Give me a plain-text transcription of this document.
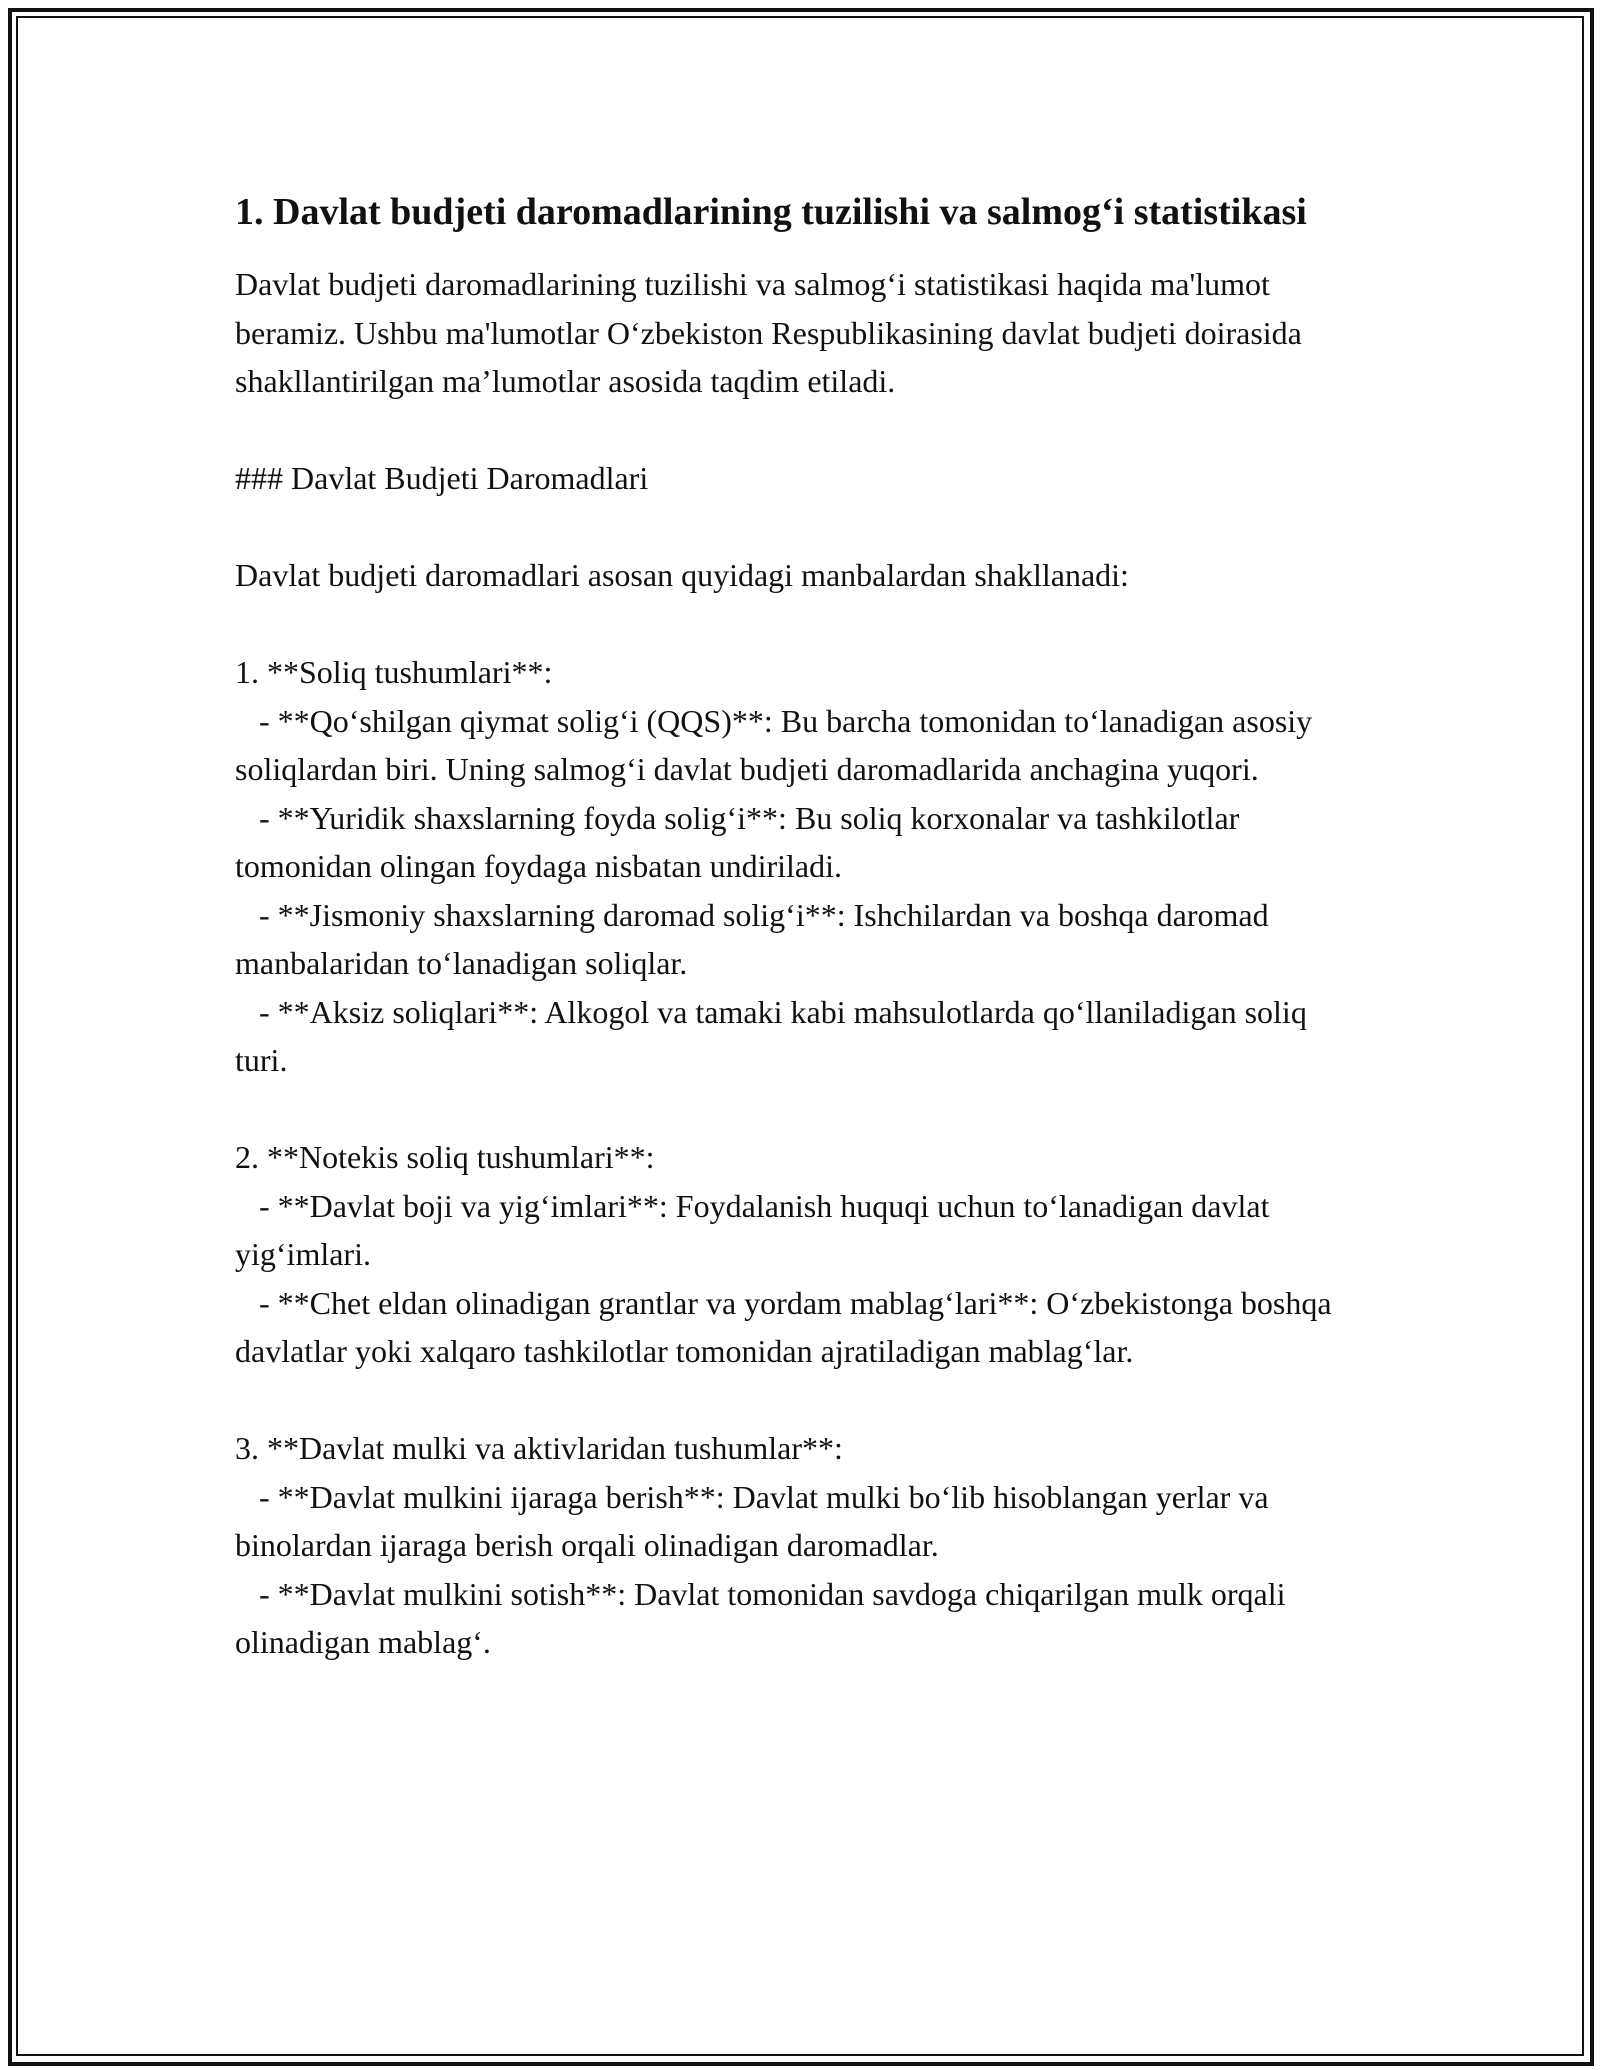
1. Davlat budjeti daromadlarining tuzilishi va salmog‘i statistikasi

Davlat budjeti daromadlarining tuzilishi va salmog‘i statistikasi haqida ma'lumot beramiz. Ushbu ma'lumotlar O‘zbekiston Respublikasining davlat budjeti doirasida shakllantirilgan ma’lumotlar asosida taqdim etiladi.

### Davlat Budjeti Daromadlari

Davlat budjeti daromadlari asosan quyidagi manbalardan shakllanadi:

1. **Soliq tushumlari**:
- **Qo‘shilgan qiymat solig‘i (QQS)**: Bu barcha tomonidan to‘lanadigan asosiy soliqlardan biri. Uning salmog‘i davlat budjeti daromadlarida anchagina yuqori.
- **Yuridik shaxslarning foyda solig‘i**: Bu soliq korxonalar va tashkilotlar tomonidan olingan foydaga nisbatan undiriladi.
- **Jismoniy shaxslarning daromad solig‘i**: Ishchilardan va boshqa daromad manbalaridan to‘lanadigan soliqlar.
- **Aksiz soliqlari**: Alkogol va tamaki kabi mahsulotlarda qo‘llaniladigan soliq turi.

2. **Notekis soliq tushumlari**:
- **Davlat boji va yig‘imlari**: Foydalanish huquqi uchun to‘lanadigan davlat yig‘imlari.
- **Chet eldan olinadigan grantlar va yordam mablag‘lari**: O‘zbekistonga boshqa davlatlar yoki xalqaro tashkilotlar tomonidan ajratiladigan mablag‘lar.

3. **Davlat mulki va aktivlaridan tushumlar**:
- **Davlat mulkini ijaraga berish**: Davlat mulki bo‘lib hisoblangan yerlar va binolardan ijaraga berish orqali olinadigan daromadlar.
- **Davlat mulkini sotish**: Davlat tomonidan savdoga chiqarilgan mulk orqali olinadigan mablag‘.
